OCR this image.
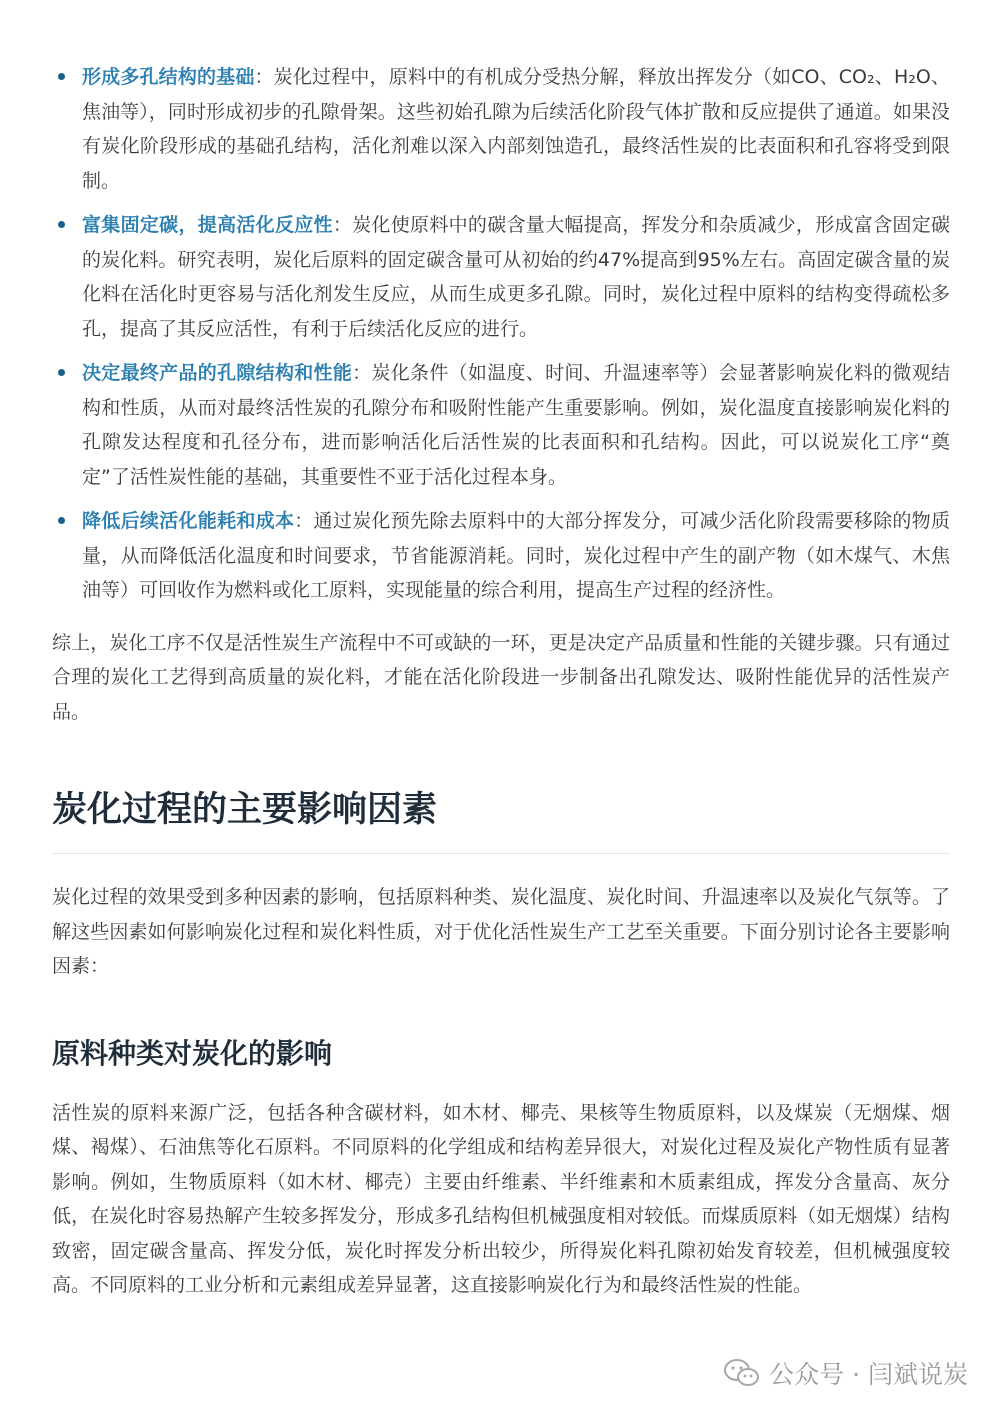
形成多孔结构的基础：炭化过程中，原料中的有机成分受热分解，释放出挥发分（如CO、CO₂、H₂O、焦油等），同时形成初步的孔隙骨架。这些初始孔隙为后续活化阶段气体扩散和反应提供了通道。如果没有炭化阶段形成的基础孔结构，活化剂难以深入内部刻蚀造孔，最终活性炭的比表面积和孔容将受到限制。
富集固定碳，提高活化反应性：炭化使原料中的碳含量大幅提高，挥发分和杂质减少，形成富含固定碳的炭化料。研究表明，炭化后原料的固定碳含量可从初始的约47%提高到95%左右。高固定碳含量的炭化料在活化时更容易与活化剂发生反应，从而生成更多孔隙。同时，炭化过程中原料的结构变得疏松多孔，提高了其反应活性，有利于后续活化反应的进行。
决定最终产品的孔隙结构和性能：炭化条件（如温度、时间、升温速率等）会显著影响炭化料的微观结构和性质，从而对最终活性炭的孔隙分布和吸附性能产生重要影响。例如，炭化温度直接影响炭化料的孔隙发达程度和孔径分布，进而影响活化后活性炭的比表面积和孔结构。因此，可以说炭化工序“奠定”了活性炭性能的基础，其重要性不亚于活化过程本身。
降低后续活化能耗和成本：通过炭化预先除去原料中的大部分挥发分，可减少活化阶段需要移除的物质量，从而降低活化温度和时间要求，节省能源消耗。同时，炭化过程中产生的副产物（如木煤气、木焦油等）可回收作为燃料或化工原料，实现能量的综合利用，提高生产过程的经济性。

综上，炭化工序不仅是活性炭生产流程中不可或缺的一环，更是决定产品质量和性能的关键步骤。只有通过合理的炭化工艺得到高质量的炭化料，才能在活化阶段进一步制备出孔隙发达、吸附性能优异的活性炭产品。

炭化过程的主要影响因素

炭化过程的效果受到多种因素的影响，包括原料种类、炭化温度、炭化时间、升温速率以及炭化气氛等。了解这些因素如何影响炭化过程和炭化料性质，对于优化活性炭生产工艺至关重要。下面分别讨论各主要影响因素：

原料种类对炭化的影响

活性炭的原料来源广泛，包括各种含碳材料，如木材、椰壳、果核等生物质原料，以及煤炭（无烟煤、烟煤、褐煤）、石油焦等化石原料。不同原料的化学组成和结构差异很大，对炭化过程及炭化产物性质有显著影响。例如，生物质原料（如木材、椰壳）主要由纤维素、半纤维素和木质素组成，挥发分含量高、灰分低，在炭化时容易热解产生较多挥发分，形成多孔结构但机械强度相对较低。而煤质原料（如无烟煤）结构致密，固定碳含量高、挥发分低，炭化时挥发分析出较少，所得炭化料孔隙初始发育较差，但机械强度较高。不同原料的工业分析和元素组成差异显著，这直接影响炭化行为和最终活性炭的性能。

公众号 · 闫斌说炭
